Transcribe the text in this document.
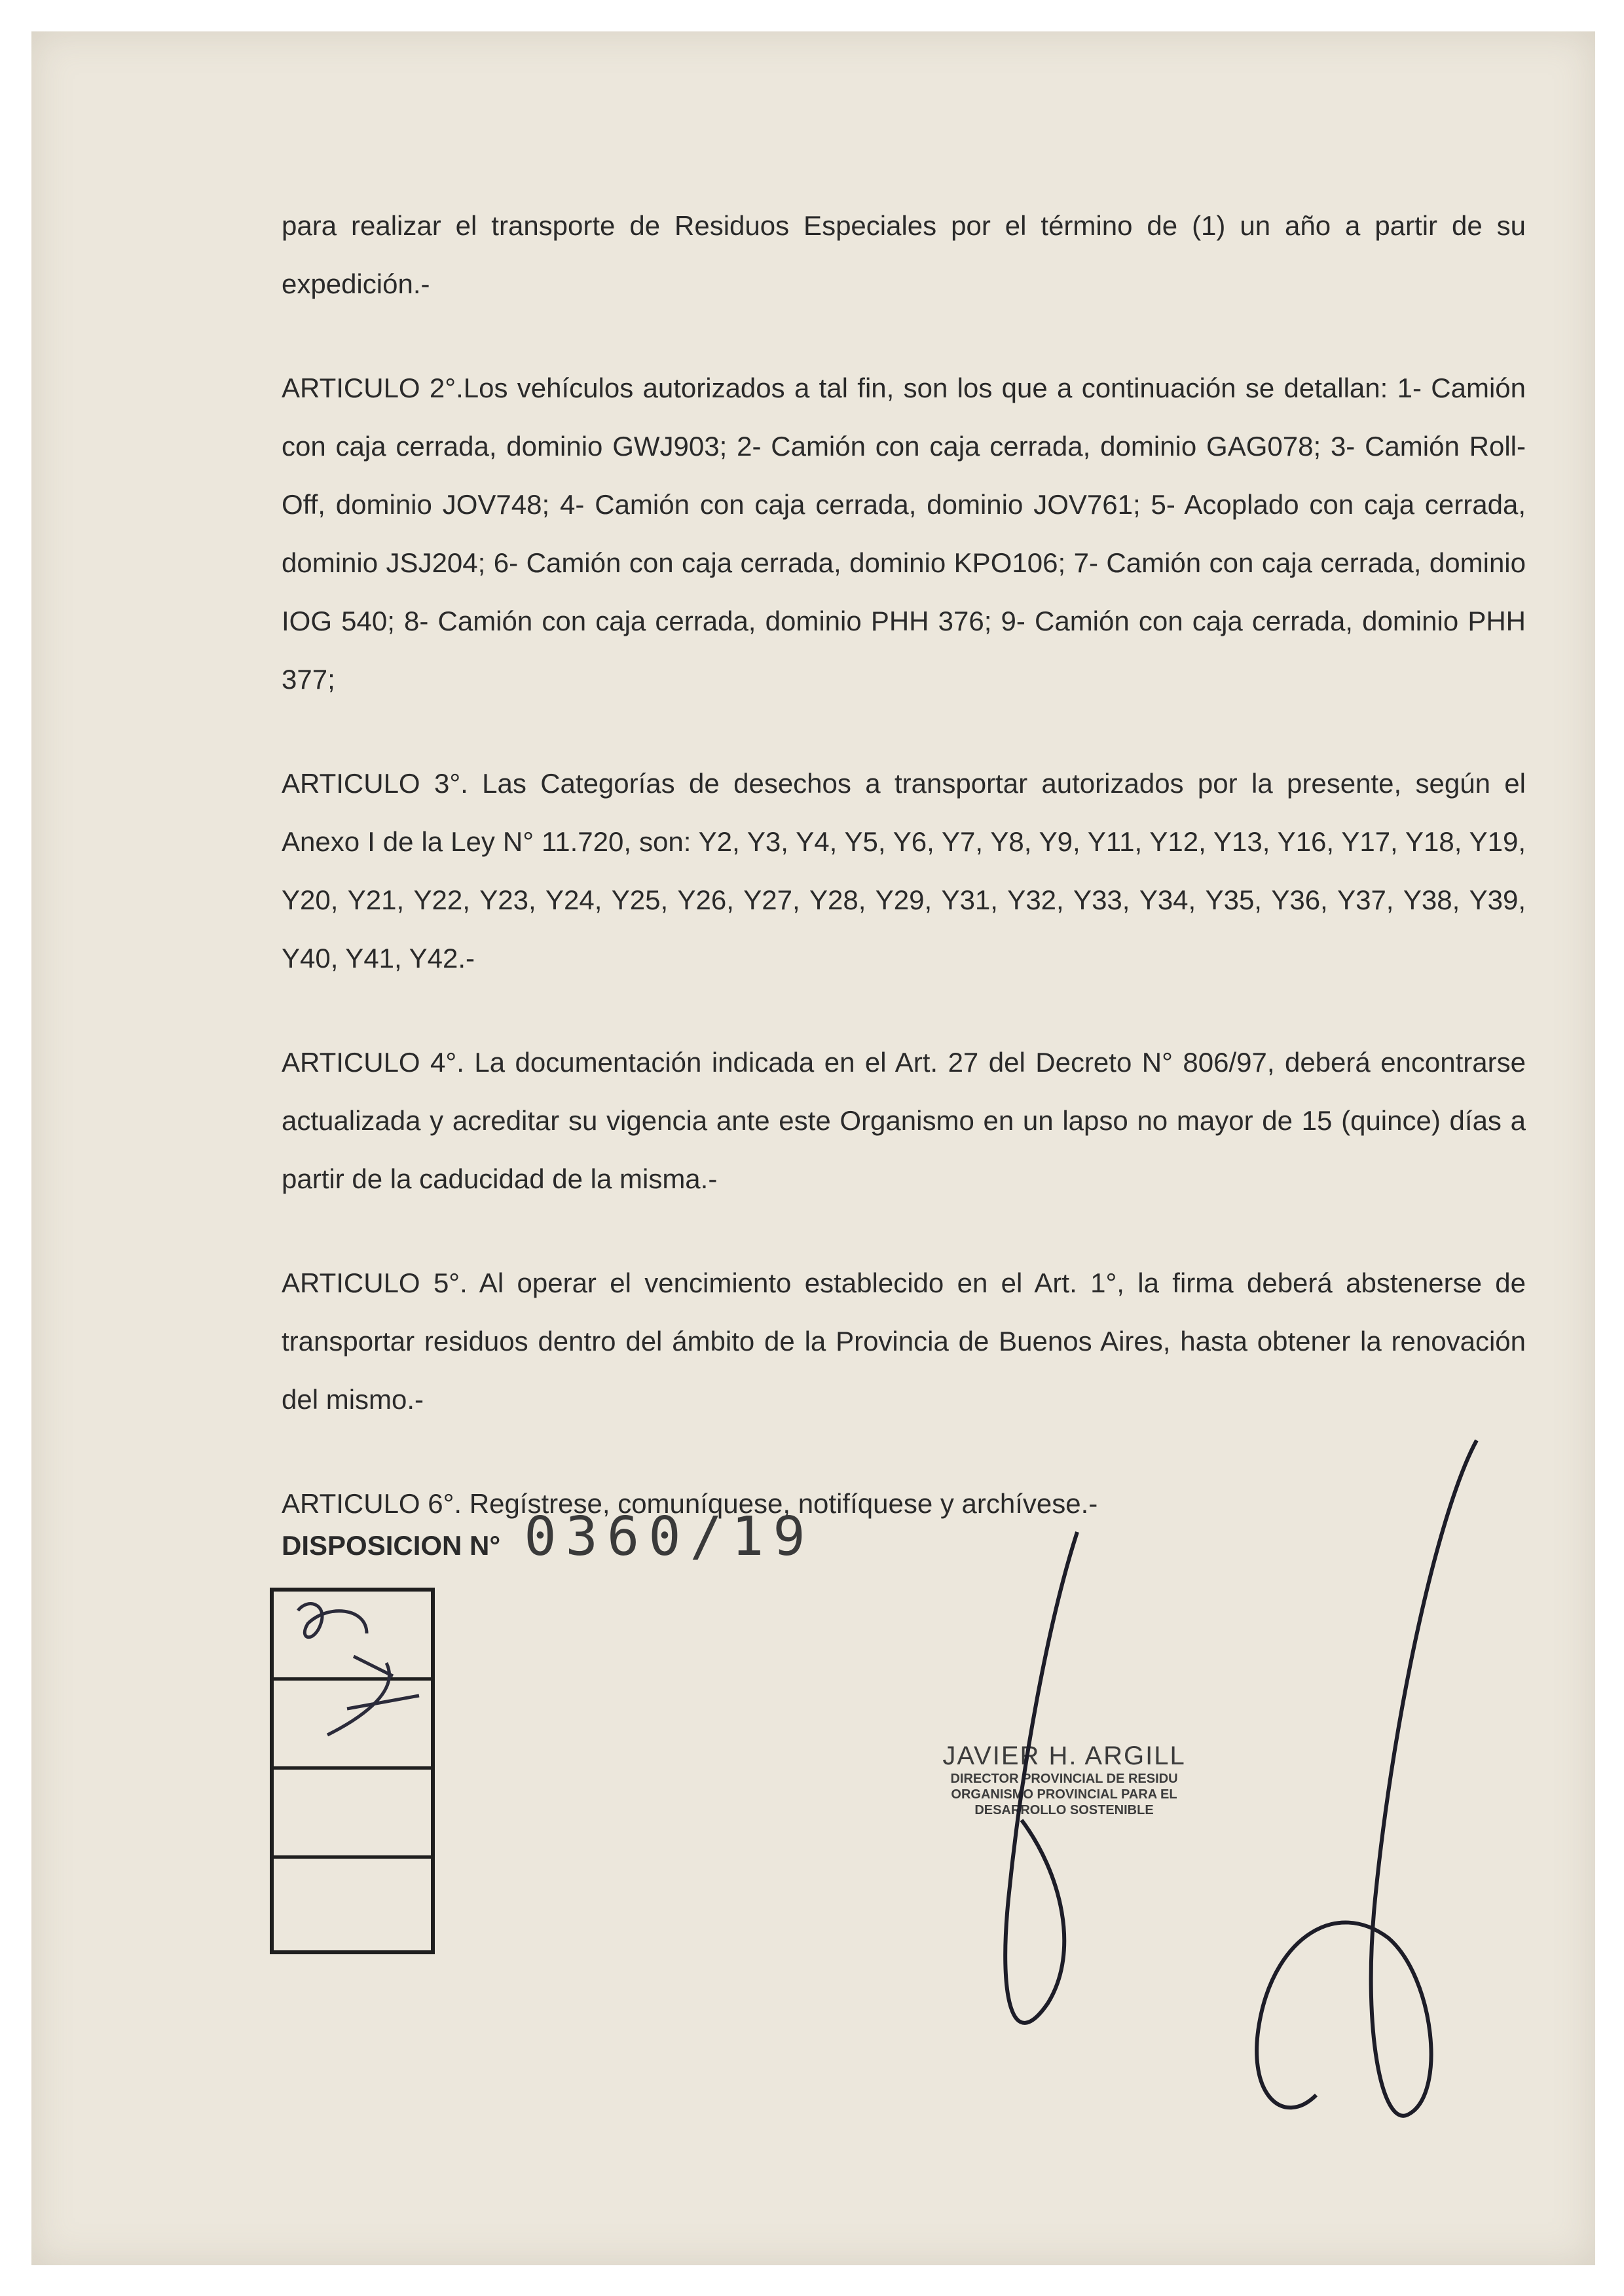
para realizar el transporte de Residuos Especiales por el término de (1) un año a partir de su expedición.-

ARTICULO 2°.Los vehículos autorizados a tal fin, son los que a continuación se detallan: 1- Camión con caja cerrada, dominio GWJ903; 2- Camión con caja cerrada, dominio GAG078; 3- Camión Roll-Off, dominio JOV748; 4- Camión con caja cerrada, dominio JOV761; 5- Acoplado con caja cerrada, dominio JSJ204; 6- Camión con caja cerrada, dominio KPO106; 7- Camión con caja cerrada, dominio IOG 540; 8- Camión con caja cerrada, dominio PHH 376; 9- Camión con caja cerrada, dominio PHH 377;

ARTICULO 3°. Las Categorías de desechos a transportar autorizados por la presente, según el Anexo I de la Ley N° 11.720, son: Y2, Y3, Y4, Y5, Y6, Y7, Y8, Y9, Y11, Y12, Y13, Y16, Y17, Y18, Y19, Y20, Y21, Y22, Y23, Y24, Y25, Y26, Y27, Y28, Y29, Y31, Y32, Y33, Y34, Y35, Y36, Y37, Y38, Y39, Y40, Y41, Y42.-

ARTICULO 4°. La documentación indicada en el Art. 27 del Decreto N° 806/97, deberá encontrarse actualizada y acreditar su vigencia ante este Organismo en un lapso no mayor de 15 (quince) días a partir de la caducidad de la misma.-

ARTICULO 5°. Al operar el vencimiento establecido en el Art. 1°, la firma deberá abstenerse de transportar residuos dentro del ámbito de la Provincia de Buenos Aires, hasta obtener la renovación del mismo.-

ARTICULO 6°. Regístrese, comuníquese, notifíquese y archívese.-

DISPOSICION N° 0360/19
JAVIER H. ARGILL
DIRECTOR PROVINCIAL DE RESIDU
ORGANISMO PROVINCIAL PARA EL
DESARROLLO SOSTENIBLE
